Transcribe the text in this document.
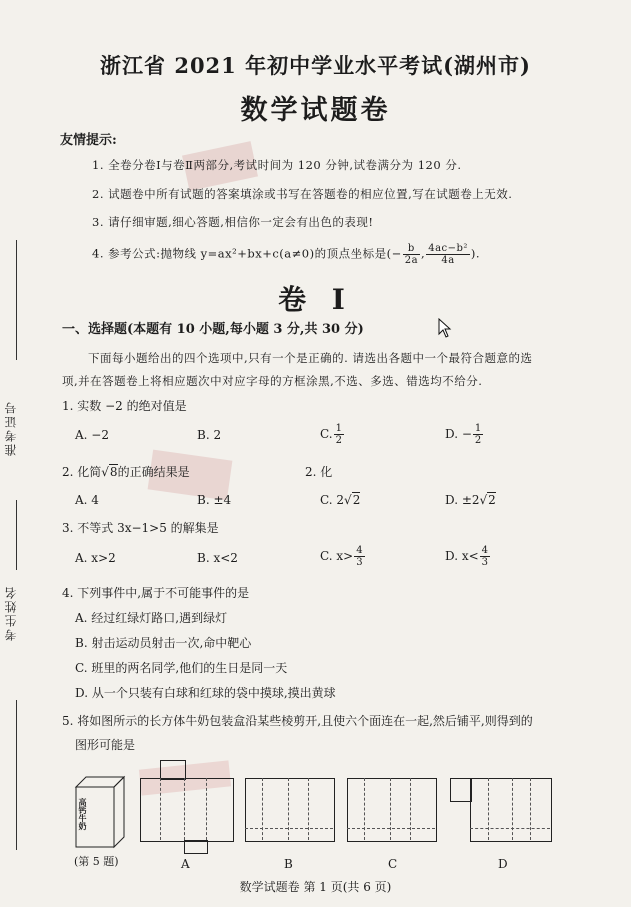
准考证号
考生姓名
浙江省 2021 年初中学业水平考试(湖州市)
数学试题卷
友情提示:
1. 全卷分卷Ⅰ与卷Ⅱ两部分,考试时间为 120 分钟,试卷满分为 120 分.
2. 试题卷中所有试题的答案填涂或书写在答题卷的相应位置,写在试题卷上无效.
3. 请仔细审题,细心答题,相信你一定会有出色的表现!
4. 参考公式:抛物线 y=ax²+bx+c(a≠0)的顶点坐标是(− $\frac{b}{2a}$ , $\frac{\text{4ac−b²}}{4a}$ ).
卷 I
一、选择题(本题有 10 小题,每小题 3 分,共 30 分)
下面每小题给出的四个选项中,只有一个是正确的. 请选出各题中一个最符合题意的选
项,并在答题卷上将相应题次中对应字母的方框涂黑,不选、多选、错选均不给分.
1. 实数 −2 的绝对值是
A. −2	B. 2	C. $\frac{1}{2}$	D. − $\frac{1}{2}$
2. 化简√8的正确结果是	2. 化
A. 4	B. ±4	C. 2√2	D. ±2√2
3. 不等式 3x−1>5 的解集是
A. x>2	B. x<2	C. $x> \frac{4}{3}$	D. $x< \frac{4}{3}$
4. 下列事件中,属于不可能事件的是
A. 经过红绿灯路口,遇到绿灯
B. 射击运动员射击一次,命中靶心
C. 班里的两名同学,他们的生日是同一天
D. 从一个只装有白球和红球的袋中摸球,摸出黄球
5. 将如图所示的长方体牛奶包装盒沿某些棱剪开,且使六个面连在一起,然后铺平,则得到的
图形可能是
高钙牛奶
(第 5 题)	A	B	C	D
数学试题卷 第 1 页(共 6 页)
